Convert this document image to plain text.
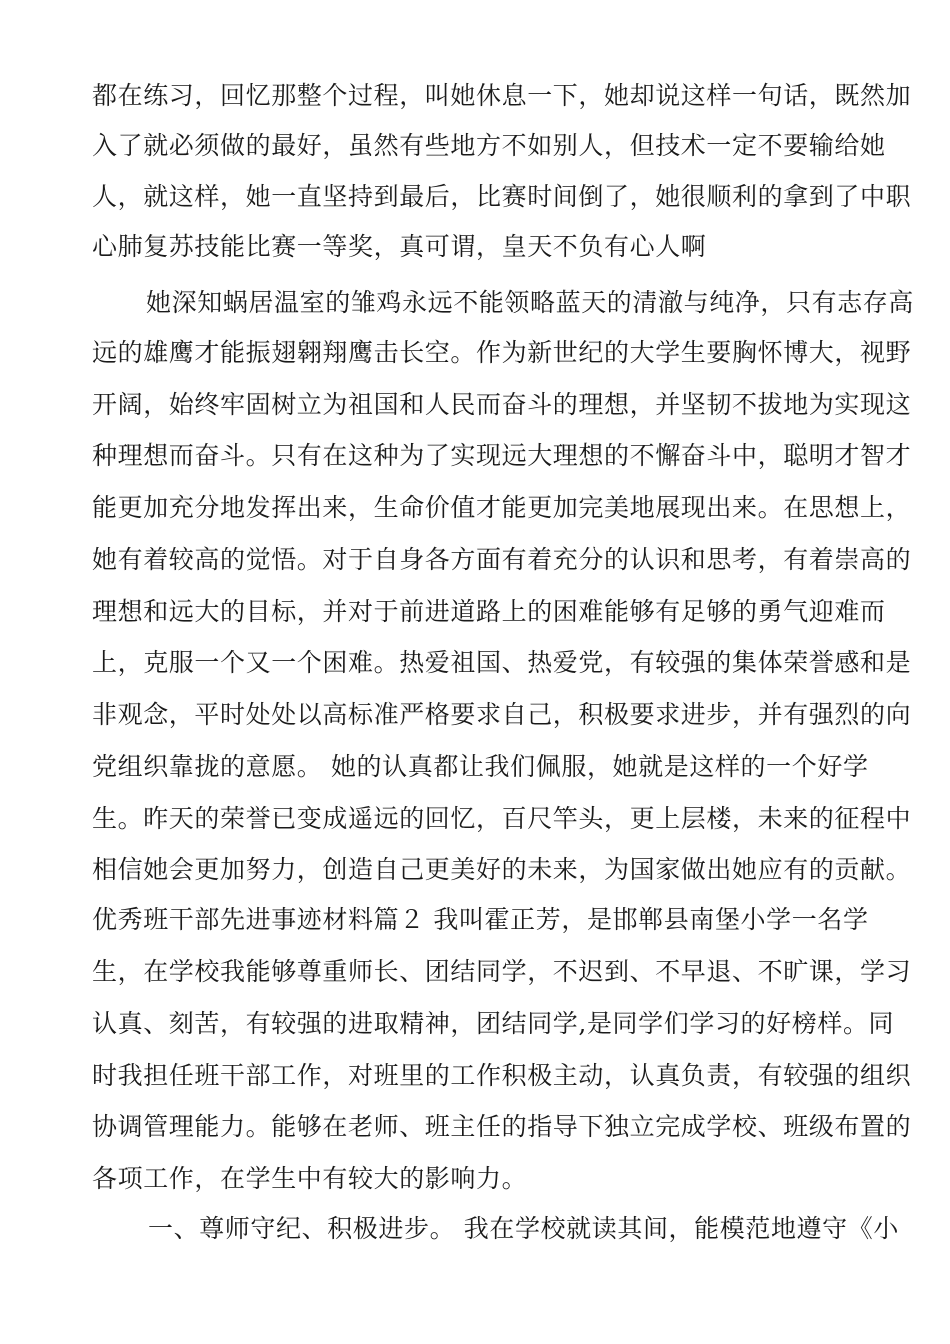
都在练习，回忆那整个过程，叫她休息一下，她却说这样一句话，既然加
入了就必须做的最好，虽然有些地方不如别人，但技术一定不要输给她
人，就这样，她一直坚持到最后，比赛时间倒了，她很顺利的拿到了中职
心肺复苏技能比赛一等奖，真可谓，皇天不负有心人啊
她深知蜗居温室的雏鸡永远不能领略蓝天的清澈与纯净，只有志存高
远的雄鹰才能振翅翱翔鹰击长空。作为新世纪的大学生要胸怀博大，视野
开阔，始终牢固树立为祖国和人民而奋斗的理想，并坚韧不拔地为实现这
种理想而奋斗。只有在这种为了实现远大理想的不懈奋斗中，聪明才智才
能更加充分地发挥出来，生命价值才能更加完美地展现出来。在思想上，
她有着较高的觉悟。对于自身各方面有着充分的认识和思考，有着崇高的
理想和远大的目标，并对于前进道路上的困难能够有足够的勇气迎难而
上，克服一个又一个困难。热爱祖国、热爱党，有较强的集体荣誉感和是
非观念，平时处处以高标准严格要求自己，积极要求进步，并有强烈的向
党组织靠拢的意愿。 她的认真都让我们佩服，她就是这样的一个好学
生。昨天的荣誉已变成遥远的回忆，百尺竿头，更上层楼，未来的征程中
相信她会更加努力，创造自己更美好的未来，为国家做出她应有的贡献。
优秀班干部先进事迹材料篇２ 我叫霍正芳，是邯郸县南堡小学一名学
生，在学校我能够尊重师长、团结同学，不迟到、不早退、不旷课，学习
认真、刻苦，有较强的进取精神，团结同学,是同学们学习的好榜样。同
时我担任班干部工作，对班里的工作积极主动，认真负责，有较强的组织
协调管理能力。能够在老师、班主任的指导下独立完成学校、班级布置的
各项工作，在学生中有较大的影响力。
一、尊师守纪、积极进步。 我在学校就读其间，能模范地遵守《小
